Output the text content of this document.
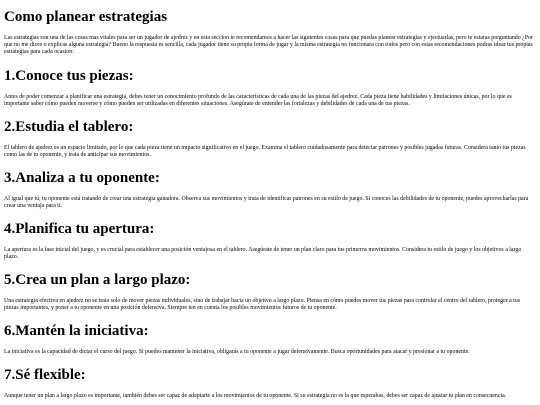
Como planear estrategias

Las estrategias son una de las cosas mas vitales para ser un jugador de ajedrez y en esta seccion te recomendamos a hacer las siguientes cosas para que puedas planear estrategias y ejectuarlas, pero te estaras preguntando ¿Por que no me dices o explicas alguna estrategia? Bueno la respuesta es sencilla, cada jugador tiene su propia forma de jugar y la misma estrategia no funcionara con todos pero con estas recomendaciones podras idear tus propias estrategias para cada ocasion:

1.Conoce tus piezas:

Antes de poder comenzar a planificar una estrategia, debes tener un conocimiento profundo de las características de cada una de las piezas del ajedrez. Cada pieza tiene habilidades y limitaciones únicas, por lo que es importante saber cómo pueden moverse y cómo pueden ser utilizadas en diferentes situaciones. Asegúrate de entender las fortalezas y debilidades de cada una de tus piezas.

2.Estudia el tablero:

El tablero de ajedrez es un espacio limitado, por lo que cada pieza tiene un impacto significativo en el juego. Examina el tablero cuidadosamente para detectar patrones y posibles jugadas futuras. Considera tanto tus piezas como las de tu oponente, y trata de anticipar sus movimientos.

3.Analiza a tu oponente:

Al igual que tú, tu oponente está tratando de crear una estrategia ganadora. Observa sus movimientos y trata de identificar patrones en su estilo de juego. Si conoces las debilidades de tu oponente, puedes aprovecharlas para crear una ventaja para ti.

4.Planifica tu apertura:

La apertura es la fase inicial del juego, y es crucial para establecer una posición ventajosa en el tablero. Asegúrate de tener un plan claro para tus primeros movimientos. Considera tu estilo de juego y los objetivos a largo plazo.

5.Crea un plan a largo plazo:

Una estrategia efectiva en ajedrez no se trata solo de mover piezas individuales, sino de trabajar hacia un objetivo a largo plazo. Piensa en cómo puedes mover tus piezas para controlar el centro del tablero, proteger a tus piezas importantes, y poner a tu oponente en una posición defensiva. Siempre ten en cuenta los posibles movimientos futuros de tu oponente.

6.Mantén la iniciativa:

La iniciativa es la capacidad de dictar el curso del juego. Si puedes mantener la iniciativa, obligarás a tu oponente a jugar defensivamente. Busca oportunidades para atacar y presionar a tu oponente.

7.Sé flexible:

Aunque tener un plan a largo plazo es importante, también debes ser capaz de adaptarte a los movimientos de tu oponente. Si su estrategia no es la que esperabas, debes ser capaz de ajustar tu plan en consecuencia.
